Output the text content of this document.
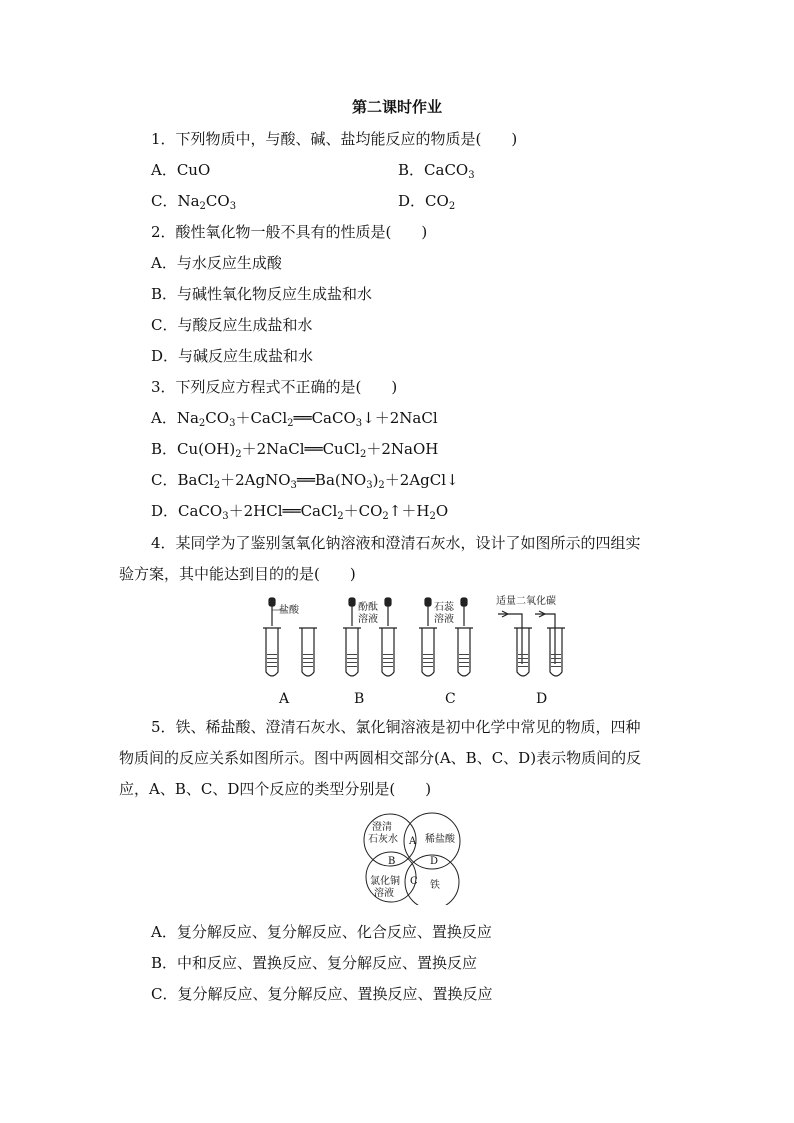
第二课时作业
1．下列物质中，与酸、碱、盐均能反应的物质是(　　)
A．CuO	B．CaCO$_3$
C．$Na_2CO_3$	D．$CO_2$
2．酸性氧化物一般不具有的性质是(　　)
A．与水反应生成酸
B．与碱性氧化物反应生成盐和水
C．与酸反应生成盐和水
D．与碱反应生成盐和水
3．下列反应方程式不正确的是(　　)
A．$Na_2CO_3+CaCl_2══CaCO_3↓+2NaCl$
B．$Cu(OH)_2+2NaCl══CuCl_2+2NaOH$
C．$BaCl_2+2AgNO_3══Ba(NO_3)_2+2AgCl↓$
D．$CaCO_3+2HCl══CaCl_2+CO_2↑+H_2O$
4．某同学为了鉴别氢氧化钠溶液和澄清石灰水，设计了如图所示的四组实
验方案，其中能达到目的的是(　　)
盐酸	酚酞
溶液
石蕊
溶液
适量二氧化碳
A	B	C	D
5．铁、稀盐酸、澄清石灰水、氯化铜溶液是初中化学中常见的物质，四种
物质间的反应关系如图所示。图中两圆相交部分(A、B、C、D)表示物质间的反
应，A、B、C、D四个反应的类型分别是(　　)
澄清
石灰水	稀盐酸
氯化铜
溶液
铁
A
B
C
D
A．复分解反应、复分解反应、化合反应、置换反应
B．中和反应、置换反应、复分解反应、置换反应
C．复分解反应、复分解反应、置换反应、置换反应
